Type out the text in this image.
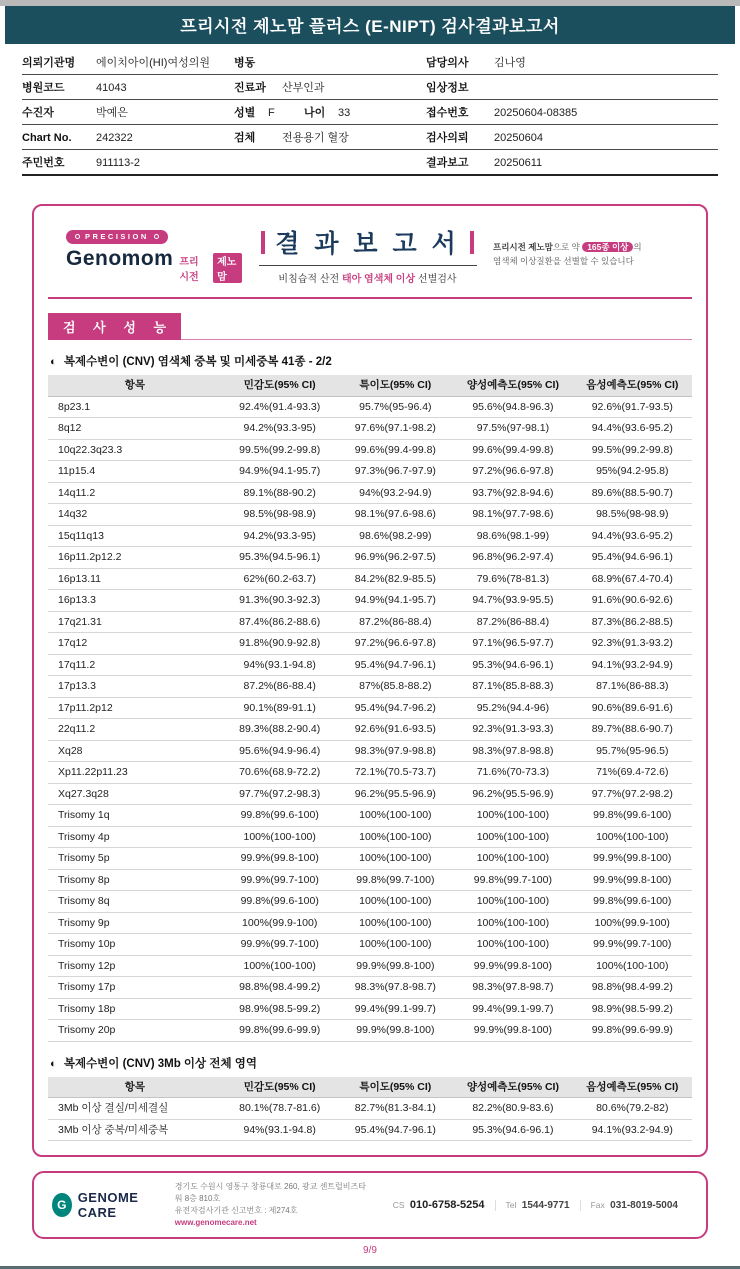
프리시전 제노맘 플러스 (E-NIPT) 검사결과보고서
의뢰기관명	에이치아이(HI)여성의원 병동	담당의사	김나영
병원코드	41043	진료과	산부인과	임상정보
수진자	박예은	성별	F	나이	33	접수번호	20250604-08385
Chart No.	242322	검체	전용용기 혈장	검사의뢰	20250604
주민번호	911113-2	결과보고	20250611
PRECISION
Genomom 프리시전
제노맘
결 과 보 고 서
비침습적 산전 태아 염색체 이상 선별검사
프리시전 제노맘으로 약 165종 이상 의
염색체 이상질환을 선별할 수 있습니다
검 사 성 능
◐ 복제수변이 (CNV) 염색체 중복 및 미세중복 41종 - 2/2
항목	민감도(95% CI)	특이도(95% CI)	양성예측도(95% CI)	음성예측도(95% CI)
8p23.1	92.4%(91.4-93.3)	95.7%(95-96.4)	95.6%(94.8-96.3)	92.6%(91.7-93.5)
8q12	94.2%(93.3-95)	97.6%(97.1-98.2)	97.5%(97-98.1)	94.4%(93.6-95.2)
10q22.3q23.3	99.5%(99.2-99.8)	99.6%(99.4-99.8)	99.6%(99.4-99.8)	99.5%(99.2-99.8)
11p15.4	94.9%(94.1-95.7)	97.3%(96.7-97.9)	97.2%(96.6-97.8)	95%(94.2-95.8)
14q11.2	89.1%(88-90.2)	94%(93.2-94.9)	93.7%(92.8-94.6)	89.6%(88.5-90.7)
14q32	98.5%(98-98.9)	98.1%(97.6-98.6)	98.1%(97.7-98.6)	98.5%(98-98.9)
15q11q13	94.2%(93.3-95)	98.6%(98.2-99)	98.6%(98.1-99)	94.4%(93.6-95.2)
16p11.2p12.2	95.3%(94.5-96.1)	96.9%(96.2-97.5)	96.8%(96.2-97.4)	95.4%(94.6-96.1)
16p13.11	62%(60.2-63.7)	84.2%(82.9-85.5)	79.6%(78-81.3)	68.9%(67.4-70.4)
16p13.3	91.3%(90.3-92.3)	94.9%(94.1-95.7)	94.7%(93.9-95.5)	91.6%(90.6-92.6)
17q21.31	87.4%(86.2-88.6)	87.2%(86-88.4)	87.2%(86-88.4)	87.3%(86.2-88.5)
17q12	91.8%(90.9-92.8)	97.2%(96.6-97.8)	97.1%(96.5-97.7)	92.3%(91.3-93.2)
17q11.2	94%(93.1-94.8)	95.4%(94.7-96.1)	95.3%(94.6-96.1)	94.1%(93.2-94.9)
17p13.3	87.2%(86-88.4)	87%(85.8-88.2)	87.1%(85.8-88.3)	87.1%(86-88.3)
17p11.2p12	90.1%(89-91.1)	95.4%(94.7-96.2)	95.2%(94.4-96)	90.6%(89.6-91.6)
22q11.2	89.3%(88.2-90.4)	92.6%(91.6-93.5)	92.3%(91.3-93.3)	89.7%(88.6-90.7)
Xq28	95.6%(94.9-96.4)	98.3%(97.9-98.8)	98.3%(97.8-98.8)	95.7%(95-96.5)
Xp11.22p11.23	70.6%(68.9-72.2)	72.1%(70.5-73.7)	71.6%(70-73.3)	71%(69.4-72.6)
Xq27.3q28	97.7%(97.2-98.3)	96.2%(95.5-96.9)	96.2%(95.5-96.9)	97.7%(97.2-98.2)
Trisomy 1q	99.8%(99.6-100)	100%(100-100)	100%(100-100)	99.8%(99.6-100)
Trisomy 4p	100%(100-100)	100%(100-100)	100%(100-100)	100%(100-100)
Trisomy 5p	99.9%(99.8-100)	100%(100-100)	100%(100-100)	99.9%(99.8-100)
Trisomy 8p	99.9%(99.7-100)	99.8%(99.7-100)	99.8%(99.7-100)	99.9%(99.8-100)
Trisomy 8q	99.8%(99.6-100)	100%(100-100)	100%(100-100)	99.8%(99.6-100)
Trisomy 9p	100%(99.9-100)	100%(100-100)	100%(100-100)	100%(99.9-100)
Trisomy 10p	99.9%(99.7-100)	100%(100-100)	100%(100-100)	99.9%(99.7-100)
Trisomy 12p	100%(100-100)	99.9%(99.8-100)	99.9%(99.8-100)	100%(100-100)
Trisomy 17p	98.8%(98.4-99.2)	98.3%(97.8-98.7)	98.3%(97.8-98.7)	98.8%(98.4-99.2)
Trisomy 18p	98.9%(98.5-99.2)	99.4%(99.1-99.7)	99.4%(99.1-99.7)	98.9%(98.5-99.2)
Trisomy 20p	99.8%(99.6-99.9)	99.9%(99.8-100)	99.9%(99.8-100)	99.8%(99.6-99.9)
◐ 복제수변이 (CNV) 3Mb 이상 전체 영역
항목	민감도(95% CI)	특이도(95% CI)	양성예측도(95% CI)	음성예측도(95% CI)
3Mb 이상 결실/미세결실	80.1%(78.7-81.6)	82.7%(81.3-84.1)	82.2%(80.9-83.6)	80.6%(79.2-82)
3Mb 이상 중복/미세중복	94%(93.1-94.8)	95.4%(94.7-96.1)	95.3%(94.6-96.1)	94.1%(93.2-94.9)
G GENOME CARE
경기도 수원시 영통구 창룡대로 260, 광교 센트럴비즈타워 8층 810호
유전자검사기관 신고번호 : 제274호
www.genomecare.net
CS 010-6758-5254	Tel 1544-9771	Fax 031-8019-5004
9/9
